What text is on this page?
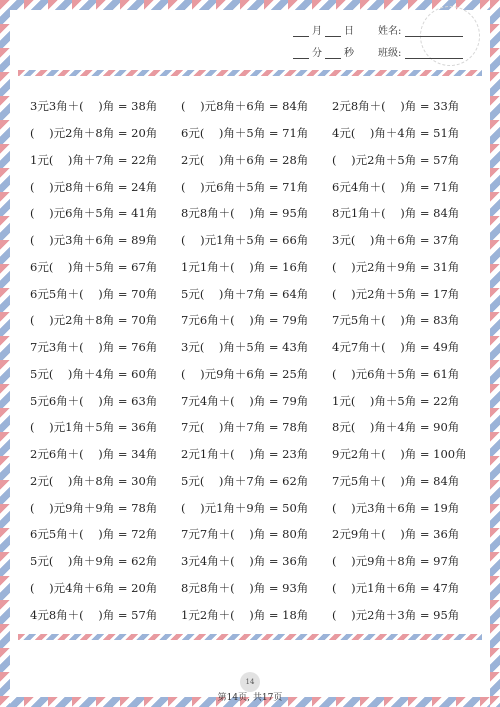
月 日 姓名:
分 秒 班级:
3元3角＋(    )角 = 38角	(    )元8角＋6角 = 84角	2元8角＋(    )角 = 33角
(    )元2角＋8角 = 20角	6元(    )角＋5角 = 71角	4元(    )角＋4角 = 51角
1元(    )角＋7角 = 22角	2元(    )角＋6角 = 28角	(    )元2角＋5角 = 57角
(    )元8角＋6角 = 24角	(    )元6角＋5角 = 71角	6元4角＋(    )角 = 71角
(    )元6角＋5角 = 41角	8元8角＋(    )角 = 95角	8元1角＋(    )角 = 84角
(    )元3角＋6角 = 89角	(    )元1角＋5角 = 66角	3元(    )角＋6角 = 37角
6元(    )角＋5角 = 67角	1元1角＋(    )角 = 16角	(    )元2角＋9角 = 31角
6元5角＋(    )角 = 70角	5元(    )角＋7角 = 64角	(    )元2角＋5角 = 17角
(    )元2角＋8角 = 70角	7元6角＋(    )角 = 79角	7元5角＋(    )角 = 83角
7元3角＋(    )角 = 76角	3元(    )角＋5角 = 43角	4元7角＋(    )角 = 49角
5元(    )角＋4角 = 60角	(    )元9角＋6角 = 25角	(    )元6角＋5角 = 61角
5元6角＋(    )角 = 63角	7元4角＋(    )角 = 79角	1元(    )角＋5角 = 22角
(    )元1角＋5角 = 36角	7元(    )角＋7角 = 78角	8元(    )角＋4角 = 90角
2元6角＋(    )角 = 34角	2元1角＋(    )角 = 23角	9元2角＋(    )角 = 100角
2元(    )角＋8角 = 30角	5元(    )角＋7角 = 62角	7元5角＋(    )角 = 84角
(    )元9角＋9角 = 78角	(    )元1角＋9角 = 50角	(    )元3角＋6角 = 19角
6元5角＋(    )角 = 72角	7元7角＋(    )角 = 80角	2元9角＋(    )角 = 36角
5元(    )角＋9角 = 62角	3元4角＋(    )角 = 36角	(    )元9角＋8角 = 97角
(    )元4角＋6角 = 20角	8元8角＋(    )角 = 93角	(    )元1角＋6角 = 47角
4元8角＋(    )角 = 57角	1元2角＋(    )角 = 18角	(    )元2角＋3角 = 95角
14
第14页, 共17页
